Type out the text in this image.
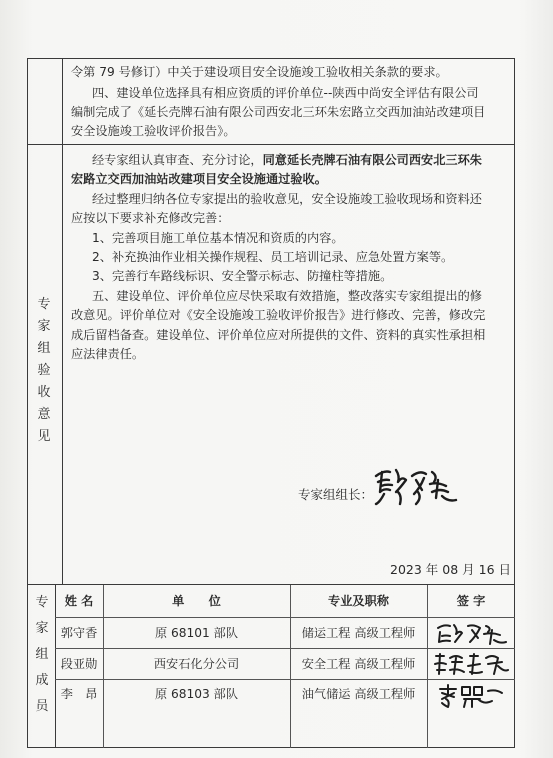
令第 79 号修订）中关于建设项目安全设施竣工验收相关条款的要求。
四、建设单位选择具有相应资质的评价单位--陕西中尚安全评估有限公司
编制完成了《延长壳牌石油有限公司西安北三环朱宏路立交西加油站改建项目
安全设施竣工验收评价报告》。
专
家
组
验
收
意
见
经专家组认真审查、充分讨论，同意延长壳牌石油有限公司西安北三环朱
宏路立交西加油站改建项目安全设施通过验收。
经过整理归纳各位专家提出的验收意见，安全设施竣工验收现场和资料还
应按以下要求补充修改完善：
1、完善项目施工单位基本情况和资质的内容。
2、补充换油作业相关操作规程、员工培训记录、应急处置方案等。
3、完善行车路线标识、安全警示标志、防撞柱等措施。
五、建设单位、评价单位应尽快采取有效措施，整改落实专家组提出的修
改意见。评价单位对《安全设施竣工验收评价报告》进行修改、完善，修改完
成后留档备查。建设单位、评价单位应对所提供的文件、资料的真实性承担相
应法律责任。
专家组组长：
2023 年 08 月 16 日
专
家
组
成
员
姓 名	单　　位	专业及职称	签 字
郭守香	原 68101 部队	储运工程 高级工程师
段亚勋	西安石化分公司	安全工程 高级工程师
李　昂	原 68103 部队	油气储运 高级工程师
